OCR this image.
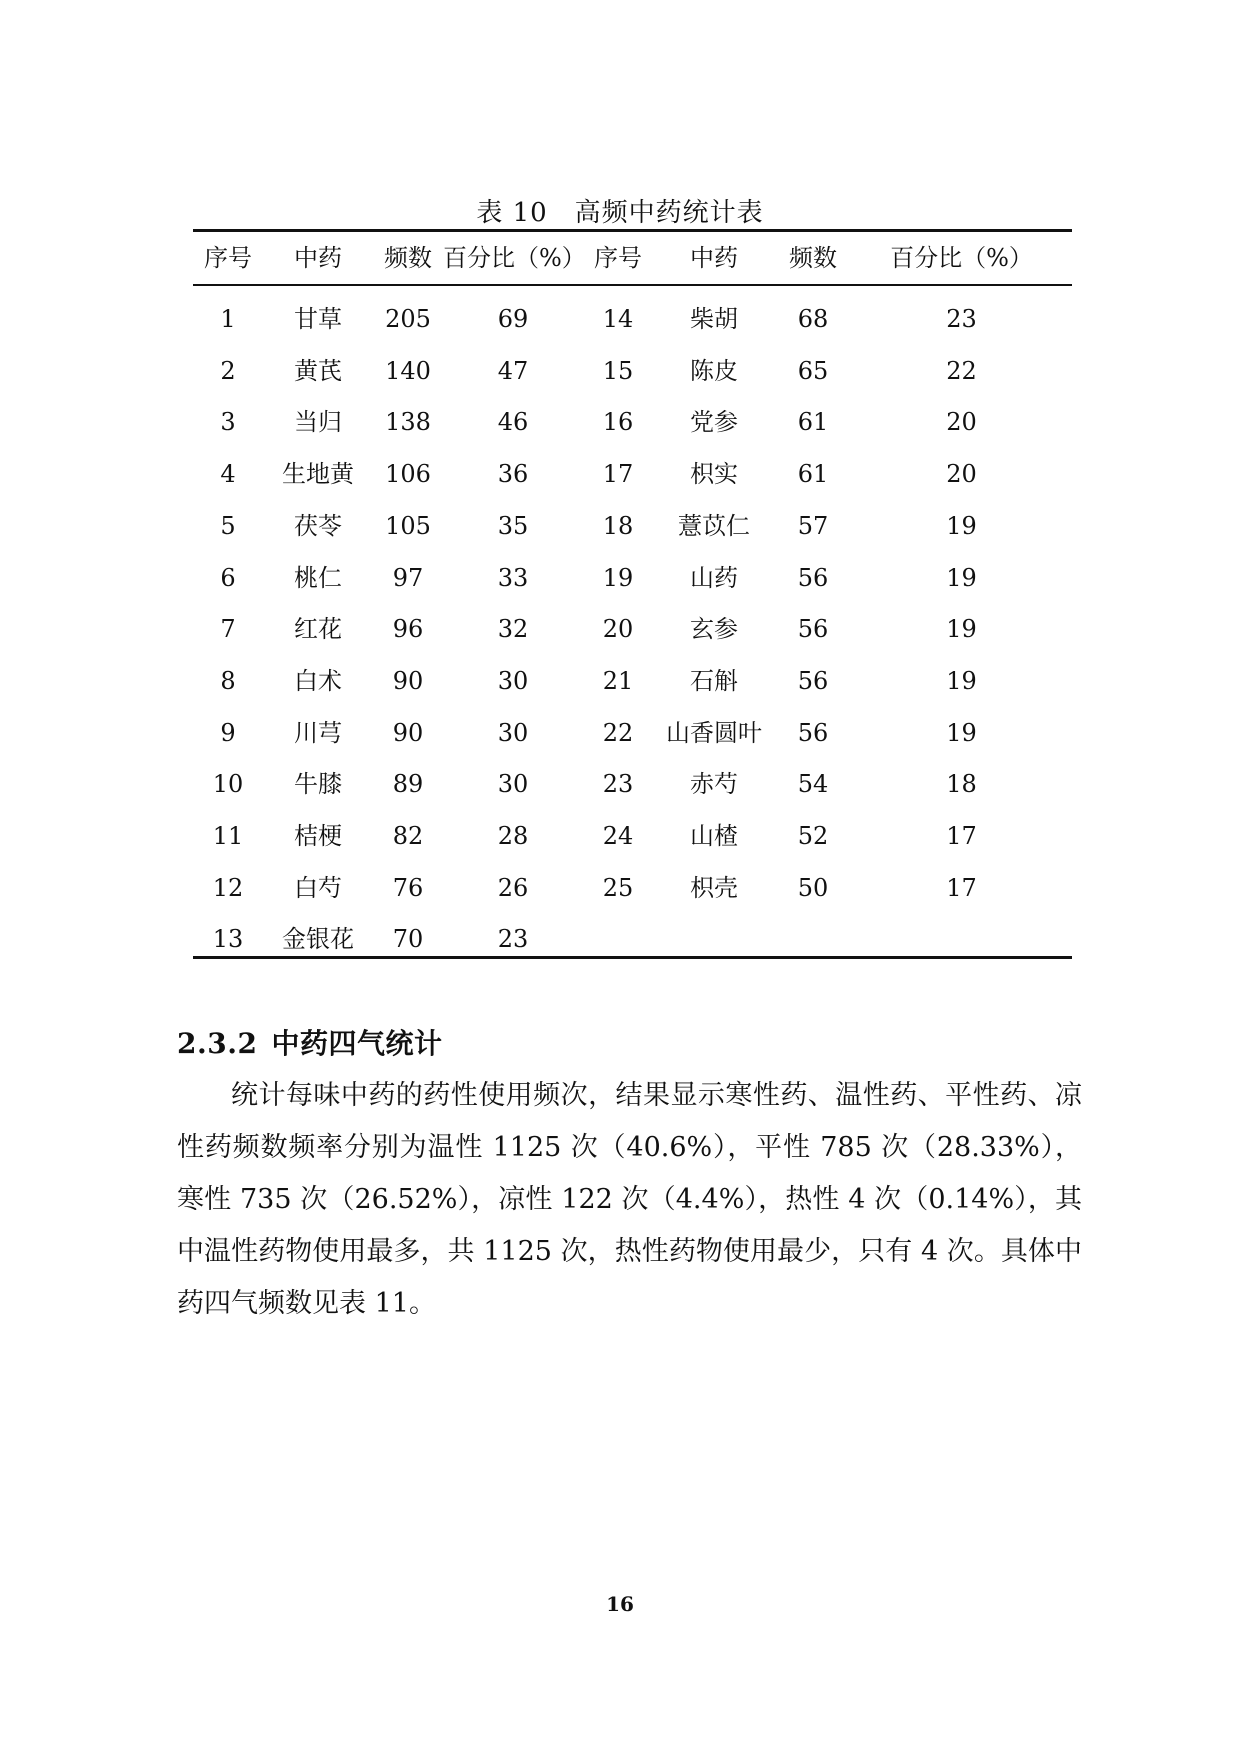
表 10　高频中药统计表
序号	中药	频数	百分比（%）	序号	中药	频数	百分比（%）
1	甘草	205	69	14	柴胡	68	23
2	黄芪	140	47	15	陈皮	65	22
3	当归	138	46	16	党参	61	20
4	生地黄	106	36	17	枳实	61	20
5	茯苓	105	35	18	薏苡仁	57	19
6	桃仁	97	33	19	山药	56	19
7	红花	96	32	20	玄参	56	19
8	白术	90	30	21	石斛	56	19
9	川芎	90	30	22	山香圆叶	56	19
10	牛膝	89	30	23	赤芍	54	18
11	桔梗	82	28	24	山楂	52	17
12	白芍	76	26	25	枳壳	50	17
13	金银花	70	23				
2.3.2 中药四气统计

统计每味中药的药性使用频次，结果显示寒性药、温性药、平性药、凉性药频数频率分别为温性 1125 次（40.6%），平性 785 次（28.33%），寒性 735 次（26.52%），凉性 122 次（4.4%），热性 4 次（0.14%），其中温性药物使用最多，共 1125 次，热性药物使用最少，只有 4 次。具体中药四气频数见表 11。

16
